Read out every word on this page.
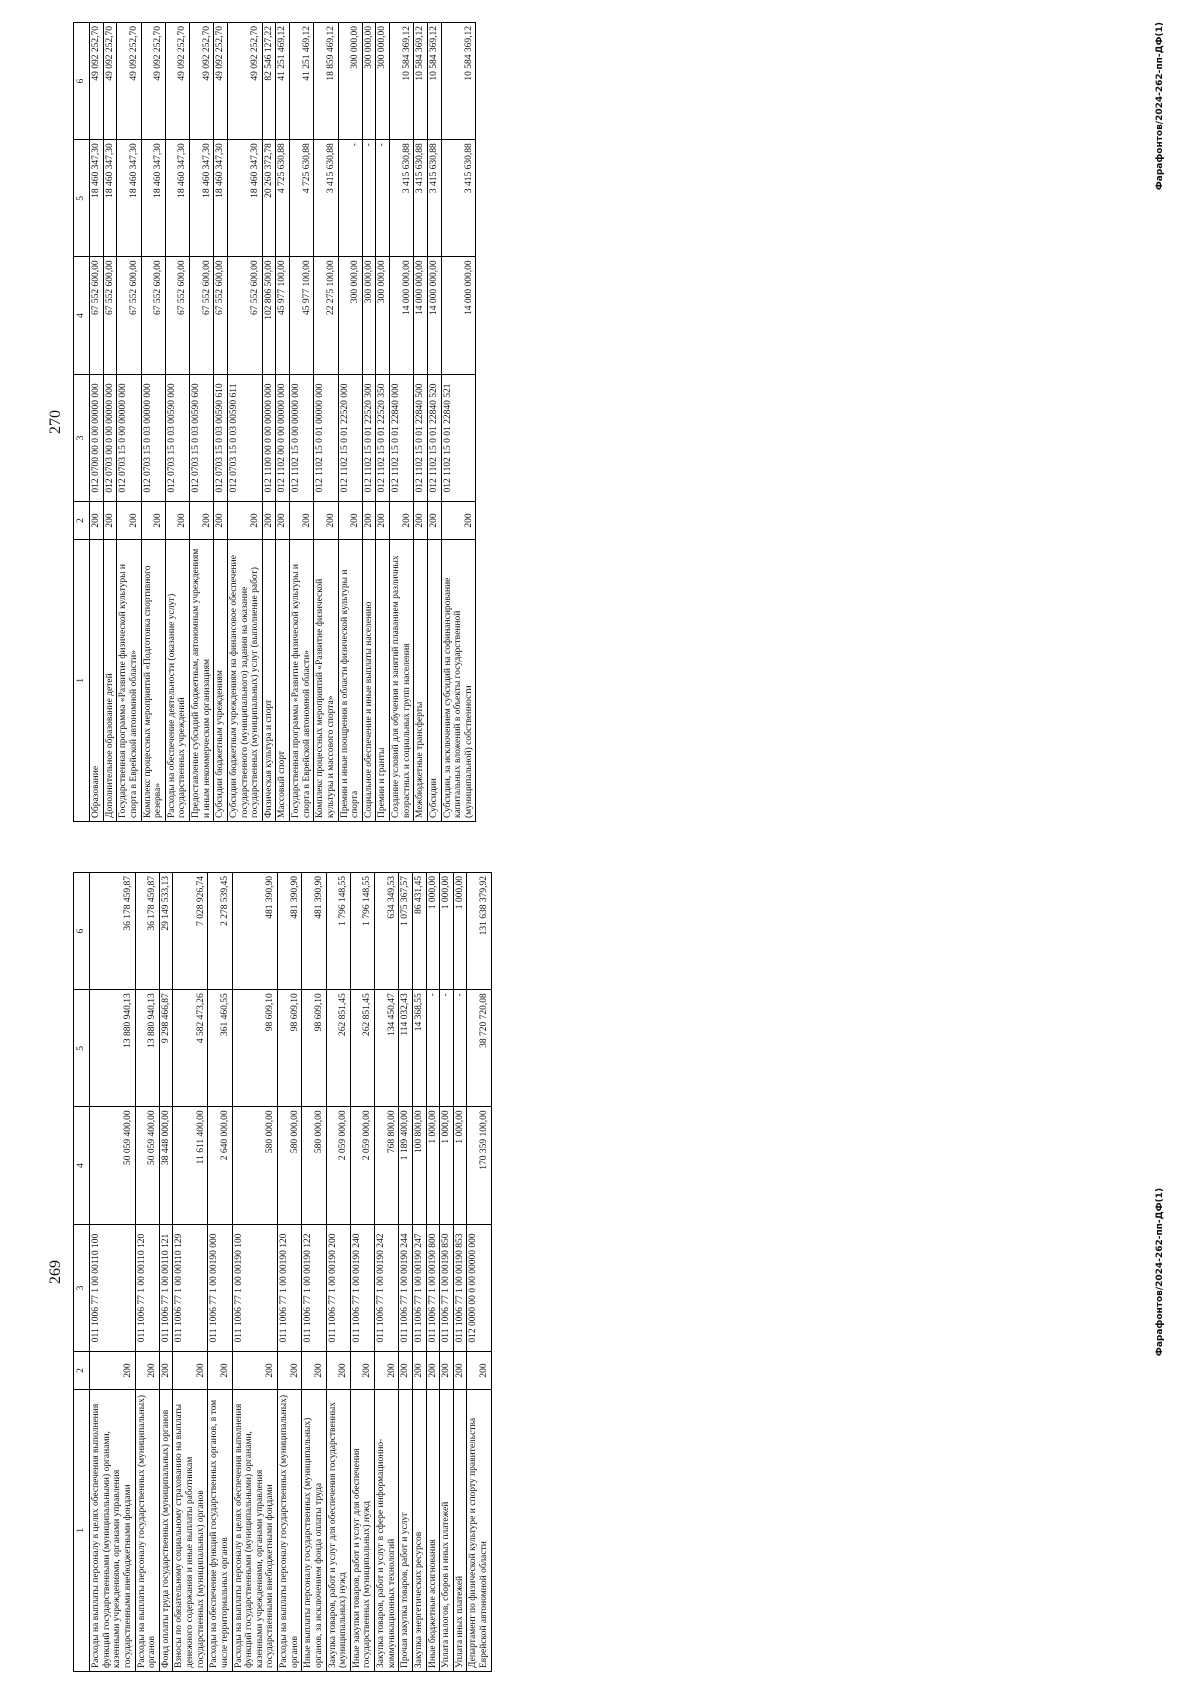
269
1	2	3	4	5	6
Расходы на выплаты персоналу в целях обеспечения выполнения функций государственными (муниципальными) органами, казенными учреждениями, органами управления государственными внебюджетными фондами	200	011 1006 77 1 00 00110 100	50 059 400,00	13 880 940,13	36 178 459,87
Расходы на выплаты персоналу государственных (муниципальных) органов	200	011 1006 77 1 00 00110 120	50 059 400,00	13 880 940,13	36 178 459,87
Фонд оплаты труда государственных (муниципальных) органов	200	011 1006 77 1 00 00110 121	38 448 000,00	9 298 466,87	29 149 533,13
Взносы по обязательному социальному страхованию на выплаты денежного содержания и иные выплаты работникам государственных (муниципальных) органов	200	011 1006 77 1 00 00110 129	11 611 400,00	4 582 473,26	7 028 926,74
Расходы на обеспечение функций государственных органов, в том числе территориальных органов	200	011 1006 77 1 00 00190 000	2 640 000,00	361 460,55	2 278 539,45
Расходы на выплаты персоналу в целях обеспечения выполнения функций государственными (муниципальными) органами, казенными учреждениями, органами управления государственными внебюджетными фондами	200	011 1006 77 1 00 00190 100	580 000,00	98 609,10	481 390,90
Расходы на выплаты персоналу государственных (муниципальных) органов	200	011 1006 77 1 00 00190 120	580 000,00	98 609,10	481 390,90
Иные выплаты персоналу государственных (муниципальных) органов, за исключением фонда оплаты труда	200	011 1006 77 1 00 00190 122	580 000,00	98 609,10	481 390,90
Закупка товаров, работ и услуг для обеспечения государственных (муниципальных) нужд	200	011 1006 77 1 00 00190 200	2 059 000,00	262 851,45	1 796 148,55
Иные закупки товаров, работ и услуг для обеспечения государственных (муниципальных) нужд	200	011 1006 77 1 00 00190 240	2 059 000,00	262 851,45	1 796 148,55
Закупка товаров, работ и услуг в сфере информационно-коммуникационных технологий	200	011 1006 77 1 00 00190 242	768 800,00	134 450,47	634 349,53
Прочая закупка товаров, работ и услуг	200	011 1006 77 1 00 00190 244	1 189 400,00	114 032,43	1 075 367,57
Закупка энергетических ресурсов	200	011 1006 77 1 00 00190 247	100 800,00	14 368,55	86 431,45
Иные бюджетные ассигнования	200	011 1006 77 1 00 00190 800	1 000,00	-	1 000,00
Уплата налогов, сборов и иных платежей	200	011 1006 77 1 00 00190 850	1 000,00	-	1 000,00
Уплата иных платежей	200	011 1006 77 1 00 00190 853	1 000,00	-	1 000,00
Департамент по физической культуре и спорту правительства Еврейской автономной области	200	012 0000 00 0 00 00000 000	170 359 100,00	38 720 720,08	131 638 379,92
Фарафонтов/2024-262-пп-ДФ(1)
270
1	2	3	4	5	6
Образование	200	012 0700 00 0 00 00000 000	67 552 600,00	18 460 347,30	49 092 252,70
Дополнительное образование детей	200	012 0703 00 0 00 00000 000	67 552 600,00	18 460 347,30	49 092 252,70
Государственная программа «Развитие физической культуры и спорта в Еврейской автономной области»	200	012 0703 15 0 00 00000 000	67 552 600,00	18 460 347,30	49 092 252,70
Комплекс процессных мероприятий «Подготовка спортивного резерва»	200	012 0703 15 0 03 00000 000	67 552 600,00	18 460 347,30	49 092 252,70
Расходы на обеспечение деятельности (оказание услуг) государственных учреждений	200	012 0703 15 0 03 00590 000	67 552 600,00	18 460 347,30	49 092 252,70
Предоставление субсидий бюджетным, автономным учреждениям и иным некоммерческим организациям	200	012 0703 15 0 03 00590 600	67 552 600,00	18 460 347,30	49 092 252,70
Субсидии бюджетным учреждениям	200	012 0703 15 0 03 00590 610	67 552 600,00	18 460 347,30	49 092 252,70
Субсидии бюджетным учреждениям на финансовое обеспечение государственного (муниципального) задания на оказание государственных (муниципальных) услуг (выполнение работ)	200	012 0703 15 0 03 00590 611	67 552 600,00	18 460 347,30	49 092 252,70
Физическая культура и спорт	200	012 1100 00 0 00 00000 000	102 806 500,00	20 260 372,78	82 546 127,22
Массовый спорт	200	012 1102 00 0 00 00000 000	45 977 100,00	4 725 630,88	41 251 469,12
Государственная программа «Развитие физической культуры и спорта в Еврейской автономной области»	200	012 1102 15 0 00 00000 000	45 977 100,00	4 725 630,88	41 251 469,12
Комплекс процессных мероприятий «Развитие физической культуры и массового спорта»	200	012 1102 15 0 01 00000 000	22 275 100,00	3 415 630,88	18 859 469,12
Премии и иные поощрения в области физической культуры и спорта	200	012 1102 15 0 01 22520 000	300 000,00	-	300 000,00
Социальное обеспечение и иные выплаты населению	200	012 1102 15 0 01 22520 300	300 000,00	-	300 000,00
Премии и гранты	200	012 1102 15 0 01 22520 350	300 000,00	-	300 000,00
Создание условий для обучения и занятий плаванием различных возрастных и социальных групп населения	200	012 1102 15 0 01 22840 000	14 000 000,00	3 415 630,88	10 584 369,12
Межбюджетные трансферты	200	012 1102 15 0 01 22840 500	14 000 000,00	3 415 630,88	10 584 369,12
Субсидии	200	012 1102 15 0 01 22840 520	14 000 000,00	3 415 630,88	10 584 369,12
Субсидии, за исключением субсидий на софинансирование капитальных вложений в объекты государственной (муниципальной) собственности	200	012 1102 15 0 01 22840 521	14 000 000,00	3 415 630,88	10 584 369,12	Фарафонтов/2024-262-пп-ДФ(1)
